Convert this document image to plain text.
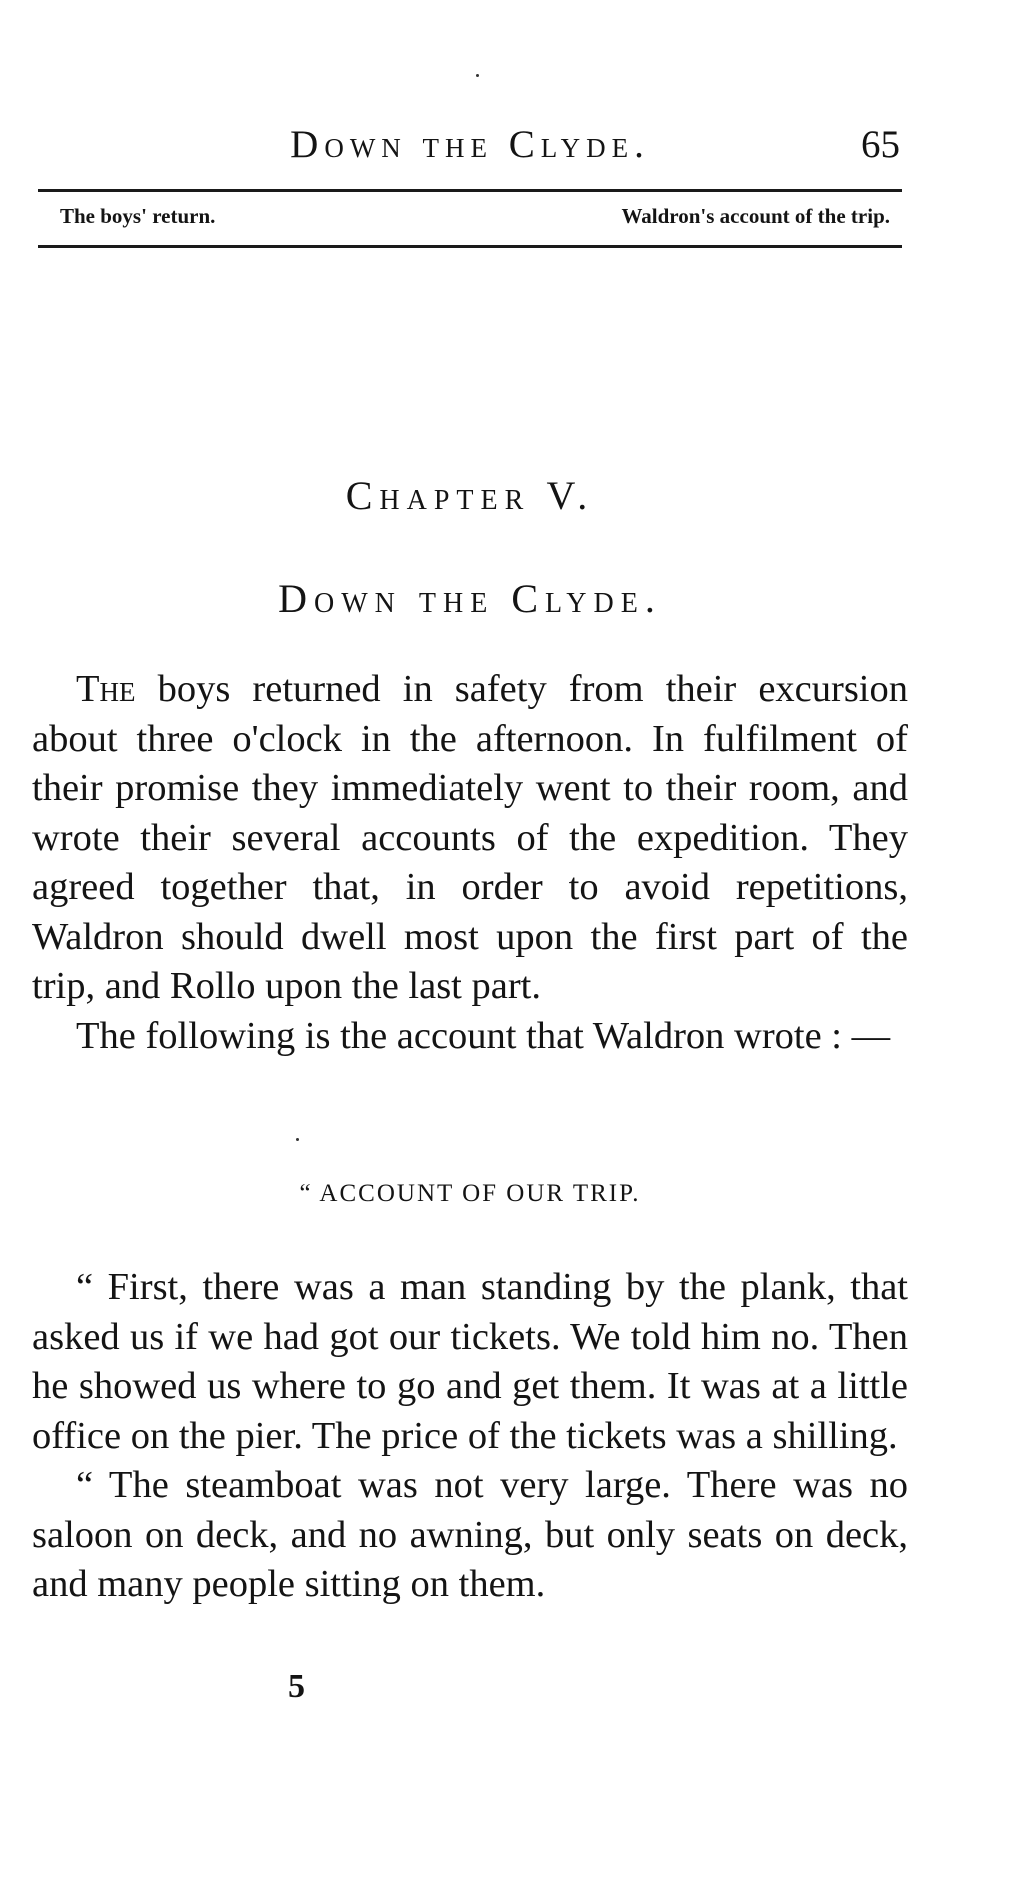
Down the Clyde.	65
The boys' return.	Waldron's account of the trip.
Chapter V.
Down the Clyde.

The boys returned in safety from their excursion about three o'clock in the afternoon. In fulfilment of their promise they immediately went to their room, and wrote their several accounts of the expedition. They agreed together that, in order to avoid repetitions, Waldron should dwell most upon the first part of the trip, and Rollo upon the last part.

The following is the account that Waldron wrote : —

“ ACCOUNT OF OUR TRIP.

“ First, there was a man standing by the plank, that asked us if we had got our tickets. We told him no. Then he showed us where to go and get them. It was at a little office on the pier. The price of the tickets was a shilling.

“ The steamboat was not very large. There was no saloon on deck, and no awning, but only seats on deck, and many people sitting on them.

5
